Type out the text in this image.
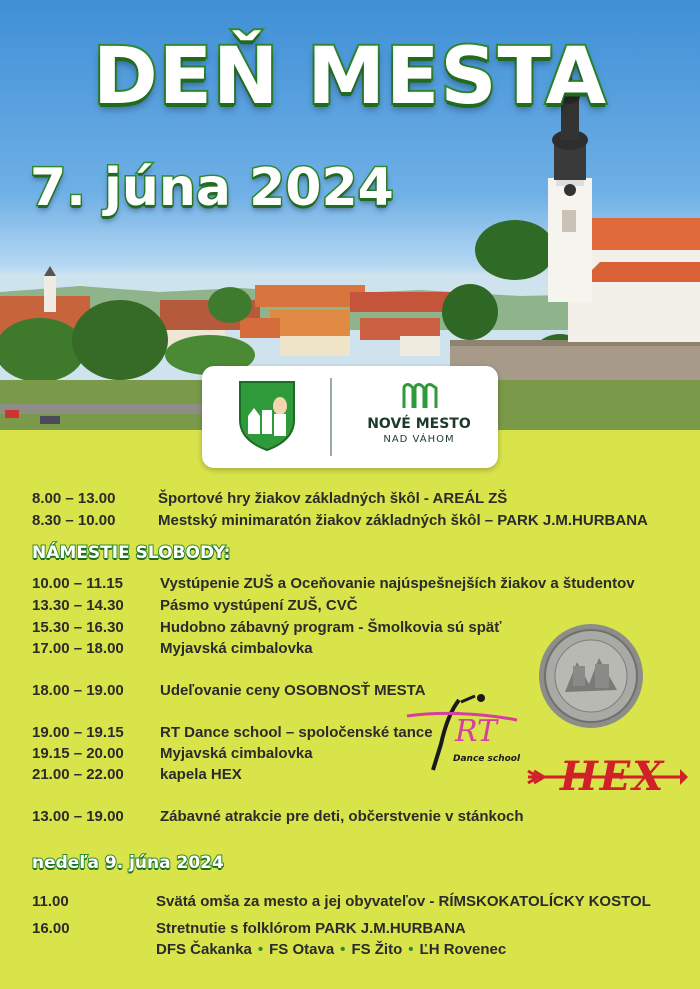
DEŇ MESTA
7. júna 2024
NOVÉ MESTO
NAD VÁHOM
8.00 – 13.00	Športové hry žiakov základných škôl - AREÁL ZŠ
8.30 – 10.00	Mestský minimaratón žiakov základných škôl – PARK J.M.HURBANA
NÁMESTIE SLOBODY:
10.00 – 11.15 Vystúpenie ZUŠ a Oceňovanie najúspešnejších žiakov a študentov
13.30 – 14.30 Pásmo vystúpení ZUŠ, CVČ
15.30 – 16.30 Hudobno zábavný program - Šmolkovia sú späť
17.00 – 18.00 Myjavská cimbalovka
18.00 – 19.00 Udeľovanie ceny OSOBNOSŤ MESTA
19.00 – 19.15 RT Dance school – spoločenské tance
19.15 – 20.00 Myjavská cimbalovka
21.00 – 22.00 kapela HEX
13.00 – 19.00 Zábavné atrakcie pre deti, občerstvenie v stánkoch
nedeľa 9. júna 2024
11.00	Svätá omša za mesto a jej obyvateľov - RÍMSKOKATOLÍCKY KOSTOL
16.00	Stretnutie s folklórom PARK J.M.HURBANA
DFS Čakanka • FS Otava • FS Žito • ĽH Rovenec
RT
Dance school HEX
